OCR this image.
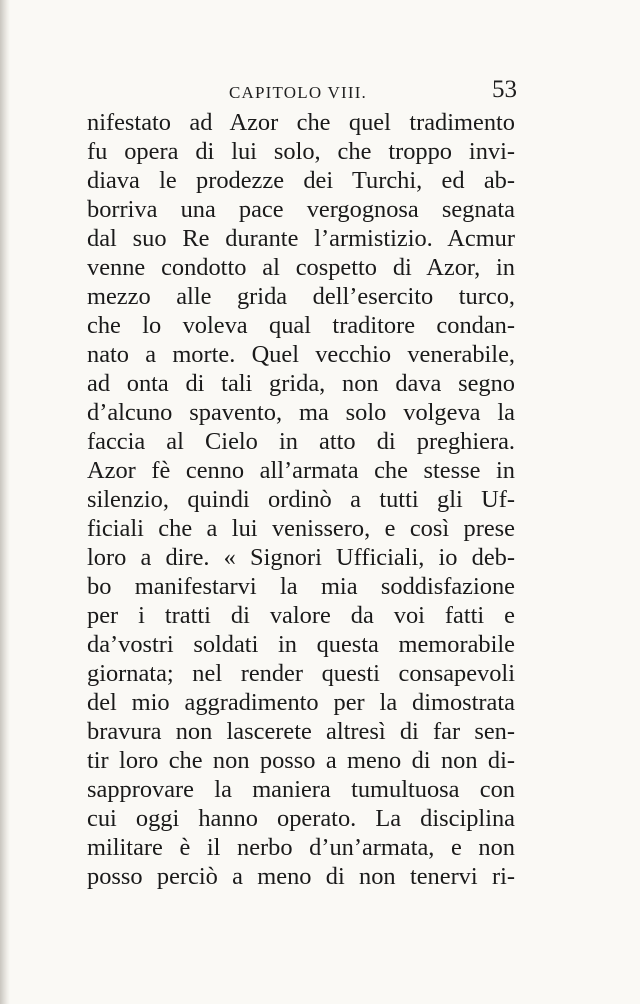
CAPITOLO VIII.	53
nifestato ad Azor che quel tradimento
fu opera di lui solo, che troppo invi-
diava le prodezze dei Turchi, ed ab-
borriva una pace vergognosa segnata
dal suo Re durante l’armistizio. Acmur
venne condotto al cospetto di Azor, in
mezzo alle grida dell’esercito turco,
che lo voleva qual traditore condan-
nato a morte. Quel vecchio venerabile,
ad onta di tali grida, non dava segno
d’alcuno spavento, ma solo volgeva la
faccia al Cielo in atto di preghiera.
Azor fè cenno all’armata che stesse in
silenzio, quindi ordinò a tutti gli Uf-
ficiali che a lui venissero, e così prese
loro a dire. « Signori Ufficiali, io deb-
bo manifestarvi la mia soddisfazione
per i tratti di valore da voi fatti e
da’vostri soldati in questa memorabile
giornata; nel render questi consapevoli
del mio aggradimento per la dimostrata
bravura non lascerete altresì di far sen-
tir loro che non posso a meno di non di-
sapprovare la maniera tumultuosa con
cui oggi hanno operato. La disciplina
militare è il nerbo d’un’armata, e non
posso perciò a meno di non tenervi ri-
